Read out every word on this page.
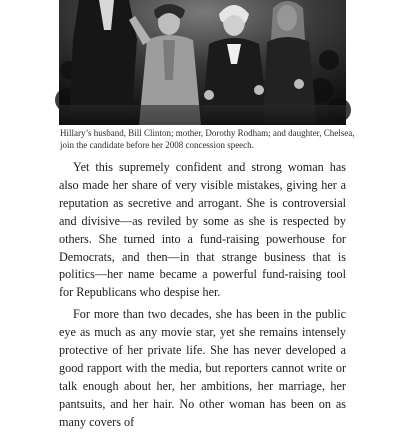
Hillary’s husband, Bill Clinton; mother, Dorothy Rodham; and daughter, Chelsea, join the candidate before her 2008 concession speech.

Yet this supremely confident and strong woman has also made her share of very visible mistakes, giving her a reputation as secretive and arrogant. She is controversial and divisive—as reviled by some as she is respected by others. She turned into a fund-raising powerhouse for Democrats, and then—in that strange business that is politics—her name became a powerful fund-raising tool for Republicans who despise her.

For more than two decades, she has been in the public eye as much as any movie star, yet she remains intensely protective of her private life. She has never developed a good rapport with the media, but reporters cannot write or talk enough about her, her ambitions, her marriage, her pantsuits, and her hair. No other woman has been on as many covers of
